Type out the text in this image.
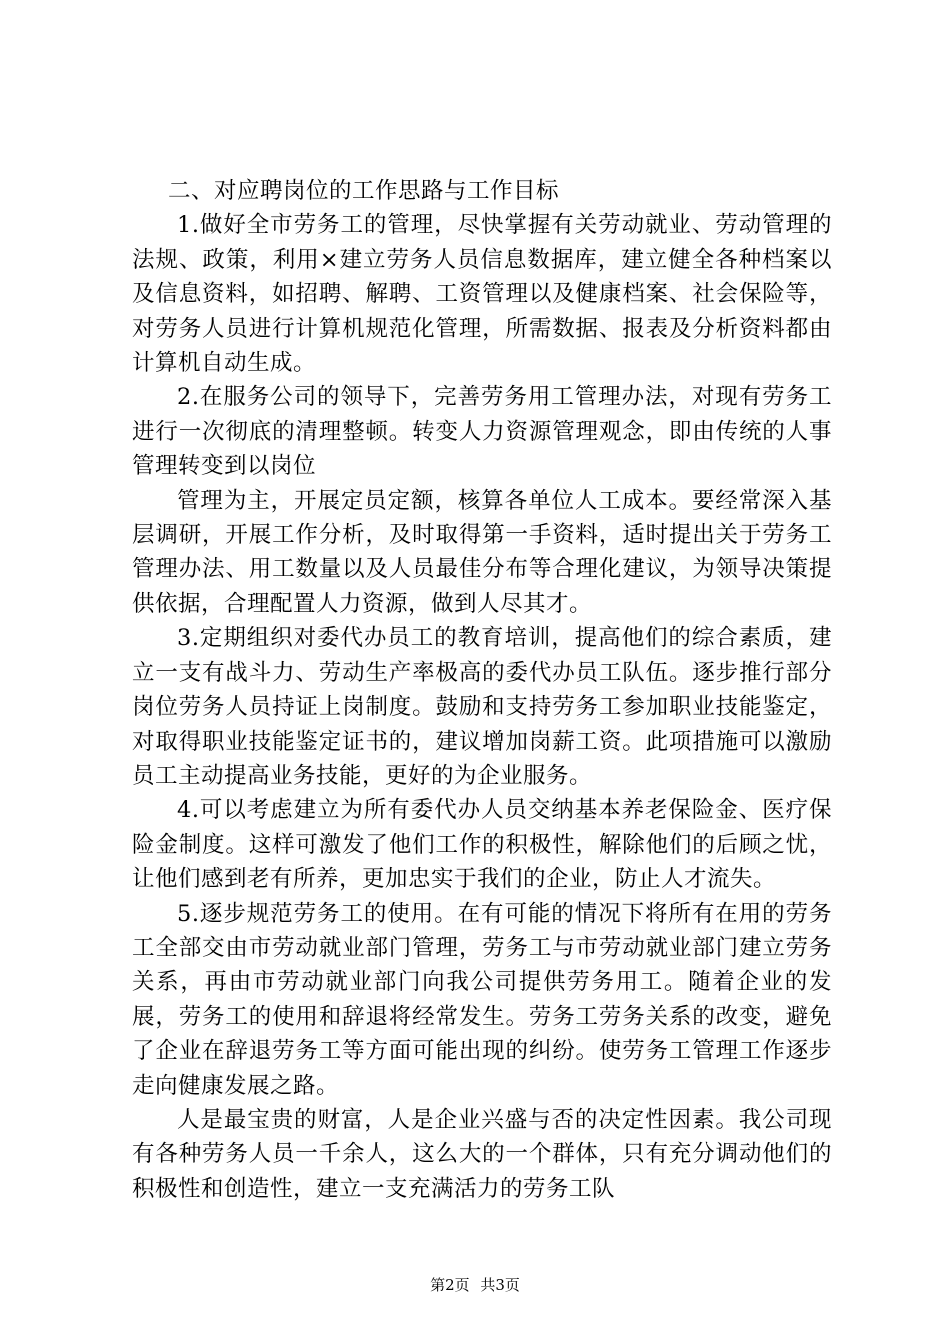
二、对应聘岗位的工作思路与工作目标

1.做好全市劳务工的管理，尽快掌握有关劳动就业、劳动管理的法规、政策，利用×建立劳务人员信息数据库，建立健全各种档案以及信息资料，如招聘、解聘、工资管理以及健康档案、社会保险等，对劳务人员进行计算机规范化管理，所需数据、报表及分析资料都由计算机自动生成。

2.在服务公司的领导下，完善劳务用工管理办法，对现有劳务工进行一次彻底的清理整顿。转变人力资源管理观念，即由传统的人事管理转变到以岗位

管理为主，开展定员定额，核算各单位人工成本。要经常深入基层调研，开展工作分析，及时取得第一手资料，适时提出关于劳务工管理办法、用工数量以及人员最佳分布等合理化建议，为领导决策提供依据，合理配置人力资源，做到人尽其才。

3.定期组织对委代办员工的教育培训，提高他们的综合素质，建立一支有战斗力、劳动生产率极高的委代办员工队伍。逐步推行部分岗位劳务人员持证上岗制度。鼓励和支持劳务工参加职业技能鉴定，对取得职业技能鉴定证书的，建议增加岗薪工资。此项措施可以激励员工主动提高业务技能，更好的为企业服务。

4.可以考虑建立为所有委代办人员交纳基本养老保险金、医疗保险金制度。这样可激发了他们工作的积极性，解除他们的后顾之忧，让他们感到老有所养，更加忠实于我们的企业，防止人才流失。

5.逐步规范劳务工的使用。在有可能的情况下将所有在用的劳务工全部交由市劳动就业部门管理，劳务工与市劳动就业部门建立劳务关系，再由市劳动就业部门向我公司提供劳务用工。随着企业的发展，劳务工的使用和辞退将经常发生。劳务工劳务关系的改变，避免了企业在辞退劳务工等方面可能出现的纠纷。使劳务工管理工作逐步走向健康发展之路。

人是最宝贵的财富，人是企业兴盛与否的决定性因素。我公司现有各种劳务人员一千余人，这么大的一个群体，只有充分调动他们的积极性和创造性，建立一支充满活力的劳务工队

第2页 共3页
